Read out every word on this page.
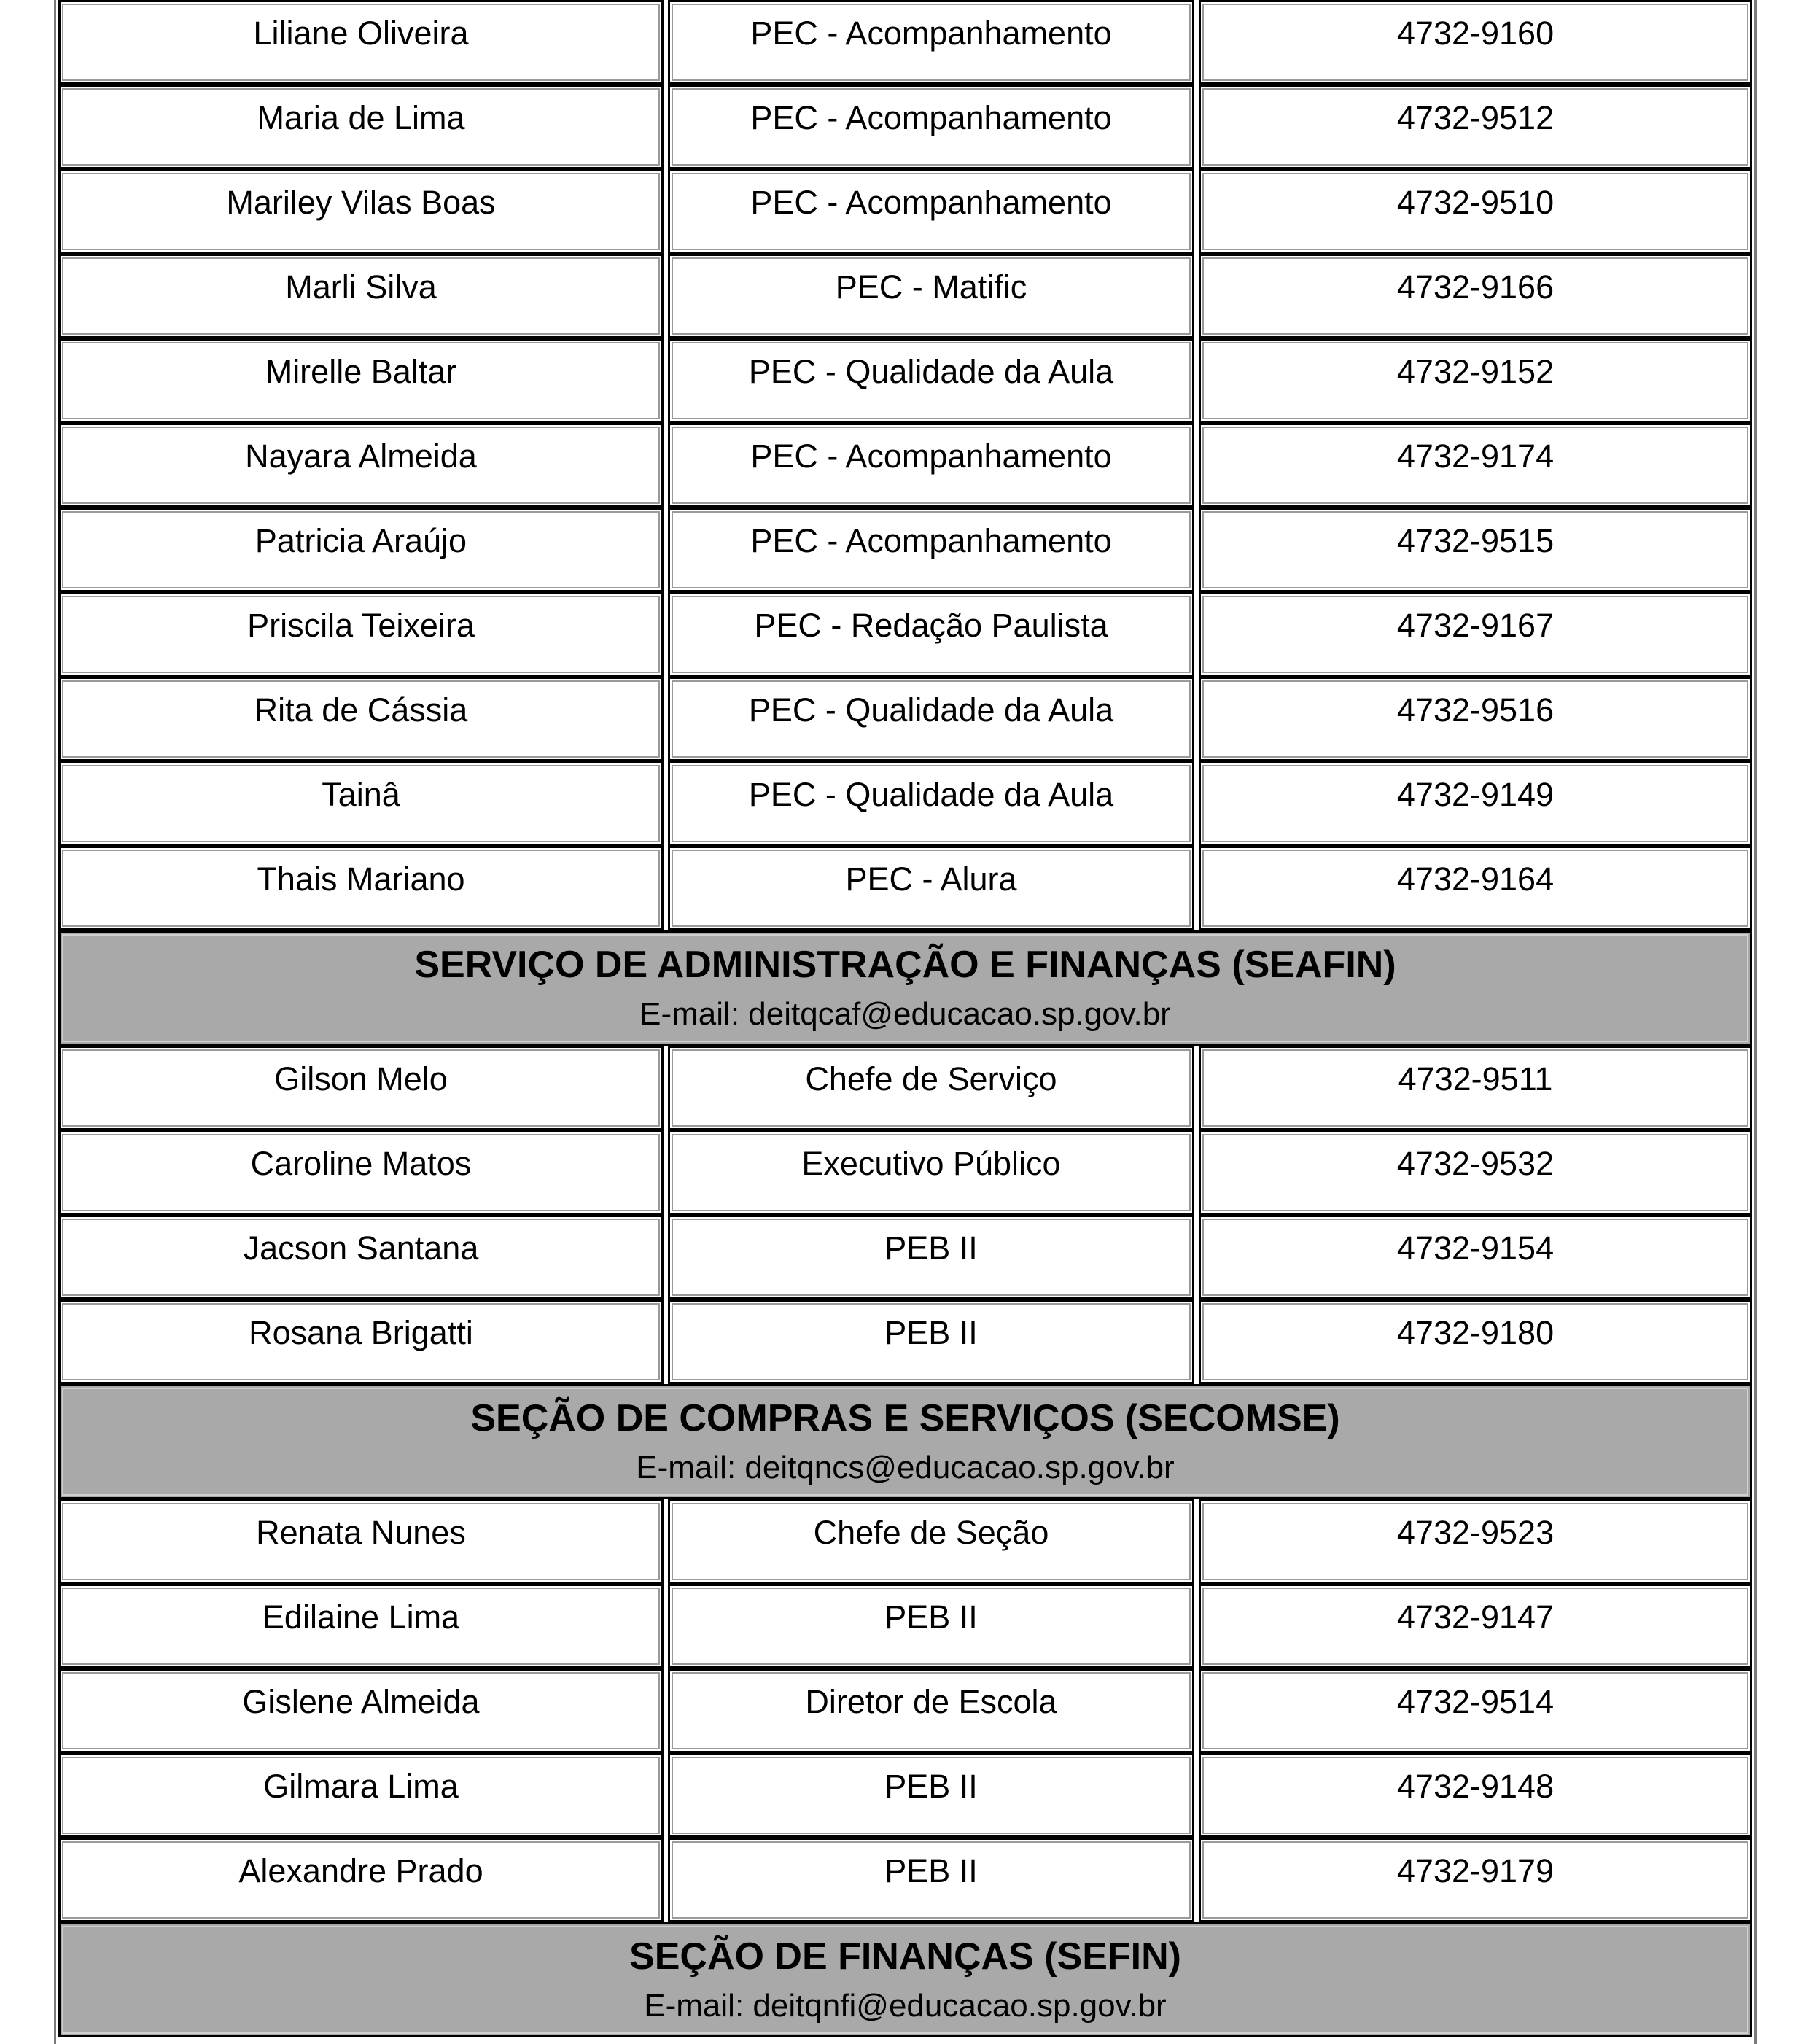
Liliane Oliveira	PEC - Acompanhamento	4732-9160
Maria de Lima	PEC - Acompanhamento	4732-9512
Mariley Vilas Boas	PEC - Acompanhamento	4732-9510
Marli Silva	PEC - Matific	4732-9166
Mirelle Baltar	PEC - Qualidade da Aula	4732-9152
Nayara Almeida	PEC - Acompanhamento	4732-9174
Patricia Araújo	PEC - Acompanhamento	4732-9515
Priscila Teixeira	PEC - Redação Paulista	4732-9167
Rita de Cássia	PEC - Qualidade da Aula	4732-9516
Tainâ	PEC - Qualidade da Aula	4732-9149
Thais Mariano	PEC - Alura	4732-9164
SERVIÇO DE ADMINISTRAÇÃO E FINANÇAS (SEAFIN)
E-mail: deitqcaf@educacao.sp.gov.br
Gilson Melo	Chefe de Serviço	4732-9511
Caroline Matos	Executivo Público	4732-9532
Jacson Santana	PEB II	4732-9154
Rosana Brigatti	PEB II	4732-9180
SEÇÃO DE COMPRAS E SERVIÇOS (SECOMSE)
E-mail: deitqncs@educacao.sp.gov.br
Renata Nunes	Chefe de Seção	4732-9523
Edilaine Lima	PEB II	4732-9147
Gislene Almeida	Diretor de Escola	4732-9514
Gilmara Lima	PEB II	4732-9148
Alexandre Prado	PEB II	4732-9179
SEÇÃO DE FINANÇAS (SEFIN)
E-mail: deitqnfi@educacao.sp.gov.br
